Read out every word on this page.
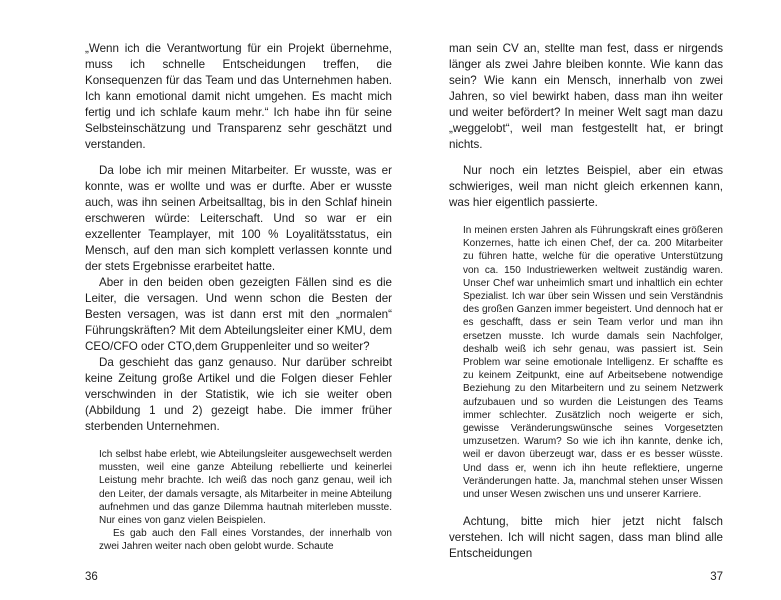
„Wenn ich die Verantwortung für ein Projekt übernehme, muss ich schnelle Entscheidungen treffen, die Konsequenzen für das Team und das Unternehmen haben. Ich kann emotional damit nicht umgehen. Es macht mich fertig und ich schlafe kaum mehr.“ Ich habe ihn für seine Selbsteinschätzung und Transparenz sehr geschätzt und verstanden.

Da lobe ich mir meinen Mitarbeiter. Er wusste, was er konnte, was er wollte und was er durfte. Aber er wusste auch, was ihn seinen Arbeitsalltag, bis in den Schlaf hinein erschweren würde: Leiterschaft. Und so war er ein exzellenter Teamplayer, mit 100 % Loyalitätsstatus, ein Mensch, auf den man sich komplett verlassen konnte und der stets Ergebnisse erarbeitet hatte.

Aber in den beiden oben gezeigten Fällen sind es die Leiter, die versagen. Und wenn schon die Besten der Besten versagen, was ist dann erst mit den „normalen“ Führungskräften? Mit dem Abteilungsleiter einer KMU, dem CEO/CFO oder CTO,dem Gruppenleiter und so weiter?

Da geschieht das ganz genauso. Nur darüber schreibt keine Zeitung große Artikel und die Folgen dieser Fehler verschwinden in der Statistik, wie ich sie weiter oben (Abbildung 1 und 2) gezeigt habe. Die immer früher sterbenden Unternehmen.

Ich selbst habe erlebt, wie Abteilungsleiter ausgewechselt werden mussten, weil eine ganze Abteilung rebellierte und keinerlei Leistung mehr brachte. Ich weiß das noch ganz genau, weil ich den Leiter, der damals versagte, als Mitarbeiter in meine Abteilung aufnehmen und das ganze Dilemma hautnah miterleben musste. Nur eines von ganz vielen Beispielen.

Es gab auch den Fall eines Vorstandes, der innerhalb von zwei Jahren weiter nach oben gelobt wurde. Schaute

man sein CV an, stellte man fest, dass er nirgends länger als zwei Jahre bleiben konnte. Wie kann das sein? Wie kann ein Mensch, innerhalb von zwei Jahren, so viel bewirkt haben, dass man ihn weiter und weiter befördert? In meiner Welt sagt man dazu „weggelobt“, weil man festgestellt hat, er bringt nichts.

Nur noch ein letztes Beispiel, aber ein etwas schwieriges, weil man nicht gleich erkennen kann, was hier eigentlich passierte.

In meinen ersten Jahren als Führungskraft eines größeren Konzernes, hatte ich einen Chef, der ca. 200 Mitarbeiter zu führen hatte, welche für die operative Unterstützung von ca. 150 Industriewerken weltweit zuständig waren. Unser Chef war unheimlich smart und inhaltlich ein echter Spezialist. Ich war über sein Wissen und sein Verständnis des großen Ganzen immer begeistert. Und dennoch hat er es geschafft, dass er sein Team verlor und man ihn ersetzen musste. Ich wurde damals sein Nachfolger, deshalb weiß ich sehr genau, was passiert ist. Sein Problem war seine emotionale Intelligenz. Er schaffte es zu keinem Zeitpunkt, eine auf Arbeitsebene notwendige Beziehung zu den Mitarbeitern und zu seinem Netzwerk aufzubauen und so wurden die Leistungen des Teams immer schlechter. Zusätzlich noch weigerte er sich, gewisse Veränderungswünsche seines Vorgesetzten umzusetzen. Warum? So wie ich ihn kannte, denke ich, weil er davon überzeugt war, dass er es besser wüsste. Und dass er, wenn ich ihn heute reflektiere, ungerne Veränderungen hatte. Ja, manchmal stehen unser Wissen und unser Wesen zwischen uns und unserer Karriere.

Achtung, bitte mich hier jetzt nicht falsch verstehen. Ich will nicht sagen, dass man blind alle Entscheidungen

36	37
